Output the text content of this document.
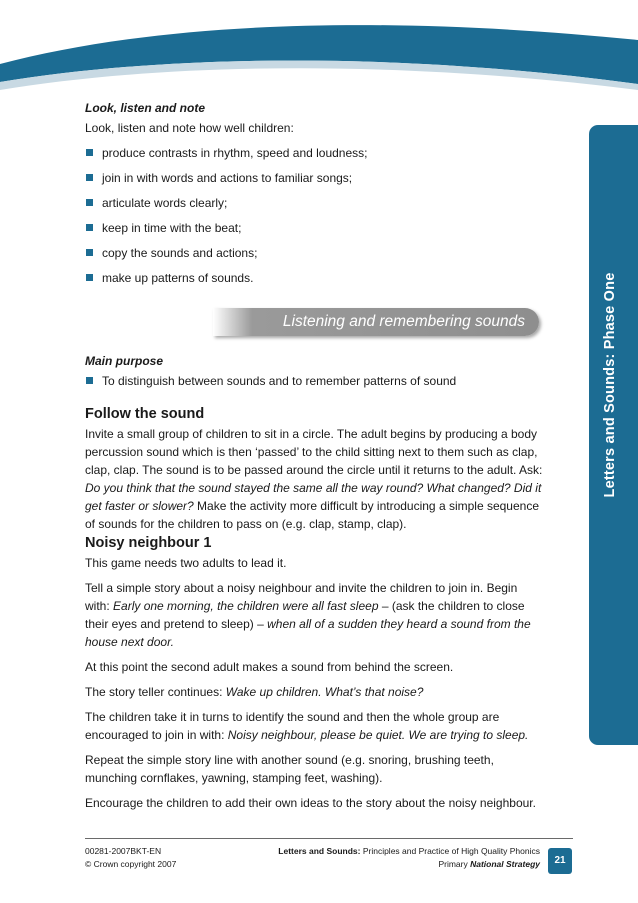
Letters and Sounds: Phase One
Look, listen and note

Look, listen and note how well children:

produce contrasts in rhythm, speed and loudness;
join in with words and actions to familiar songs;
articulate words clearly;
keep in time with the beat;
copy the sounds and actions;
make up patterns of sounds.
Listening and remembering sounds
Main purpose
To distinguish between sounds and to remember patterns of sound
Follow the sound

Invite a small group of children to sit in a circle. The adult begins by producing a body percussion sound which is then ‘passed’ to the child sitting next to them such as clap, clap, clap. The sound is to be passed around the circle until it returns to the adult. Ask: Do you think that the sound stayed the same all the way round? What changed? Did it get faster or slower? Make the activity more difficult by introducing a simple sequence of sounds for the children to pass on (e.g. clap, stamp, clap).

Noisy neighbour 1

This game needs two adults to lead it.

Tell a simple story about a noisy neighbour and invite the children to join in. Begin with: Early one morning, the children were all fast sleep – (ask the children to close their eyes and pretend to sleep) – when all of a sudden they heard a sound from the house next door.

At this point the second adult makes a sound from behind the screen.

The story teller continues: Wake up children. What’s that noise?

The children take it in turns to identify the sound and then the whole group are encouraged to join in with: Noisy neighbour, please be quiet. We are trying to sleep.

Repeat the simple story line with another sound (e.g. snoring, brushing teeth, munching cornflakes, yawning, stamping feet, washing).

Encourage the children to add their own ideas to the story about the noisy neighbour.

00281-2007BKT-EN
© Crown copyright 2007
Letters and Sounds: Principles and Practice of High Quality Phonics
Primary National Strategy	21
